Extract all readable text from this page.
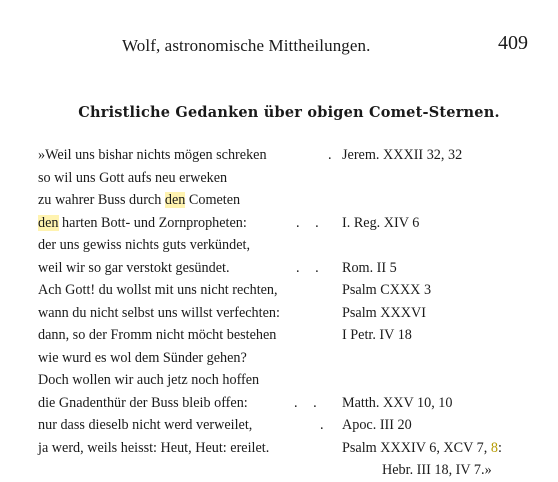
Wolf, astronomische Mittheilungen.	409
Christliche Gedanken über obigen Comet-Sternen.
»Weil uns bishar nichts mögen schreken	. Jerem. XXXII 32, 32
so wil uns Gott aufs neu erweken
zu wahrer Buss durch den Cometen
den harten Bott- und Zornpropheten:	. . I. Reg. XIV 6
der uns gewiss nichts guts verkündet,
weil wir so gar verstokt gesündet.	. . Rom. II 5
Ach Gott! du wollst mit uns nicht rechten,	Psalm CXXX 3
wann du nicht selbst uns willst verfechten:	Psalm XXXVI
dann, so der Fromm nicht möcht bestehen	I Petr. IV 18
wie wurd es wol dem Sünder gehen?
Doch wollen wir auch jetz noch hoffen
die Gnadenthür der Buss bleib offen:	. . Matth. XXV 10, 10
nur dass dieselb nicht werd verweilet,	. Apoc. III 20
ja werd, weils heisst: Heut, Heut: ereilet.	Psalm XXXIV 6, XCV 7, 8:
Hebr. III 18, IV 7.»
